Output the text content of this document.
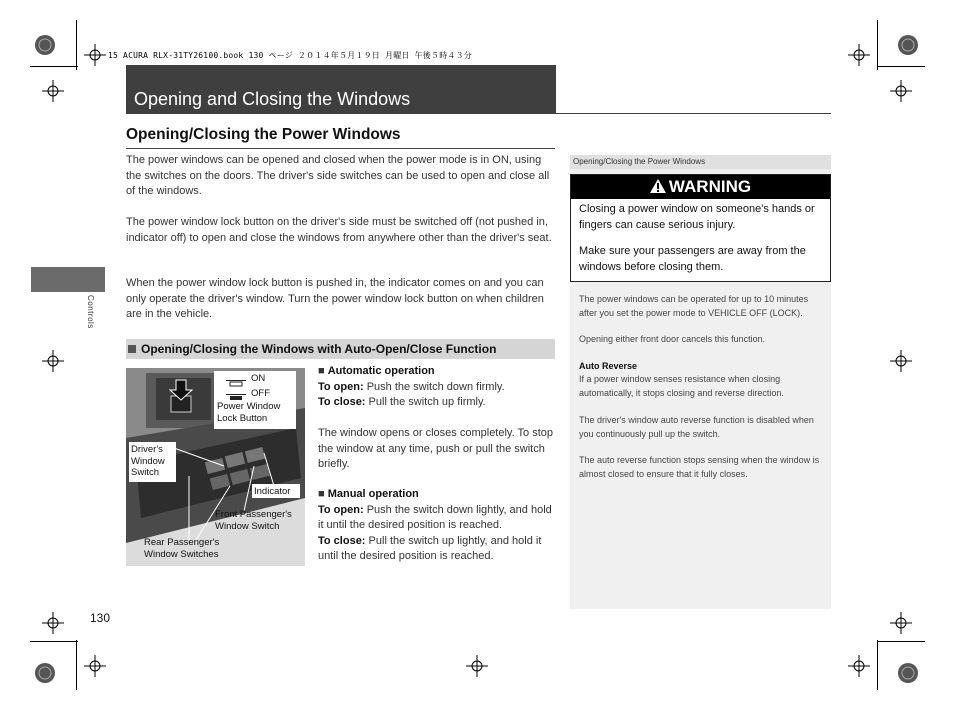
15 ACURA RLX-31TY26100.book 130 ページ ２０１４年５月１９日 月曜日 午後５時４３分
Opening and Closing the Windows
Controls
Opening/Closing the Power Windows

The power windows can be opened and closed when the power mode is in ON, using the switches on the doors. The driver's side switches can be used to open and close all of the windows.

The power window lock button on the driver's side must be switched off (not pushed in, indicator off) to open and close the windows from anywhere other than the driver's seat.

When the power window lock button is pushed in, the indicator comes on and you can only operate the driver's window. Turn the power window lock button on when children are in the vehicle.

Opening/Closing the Windows with Auto-Open/Close Function
ON
OFF
Power Window Lock Button
Driver's Window Switch
Indicator
Front Passenger's Window Switch
Rear Passenger's Window Switches
■ Automatic operation
To open: Push the switch down firmly.
To close: Pull the switch up firmly.
The window opens or closes completely. To stop the window at any time, push or pull the switch briefly.
■ Manual operation
To open: Push the switch down lightly, and hold it until the desired position is reached.
To close: Pull the switch up lightly, and hold it until the desired position is reached.
Opening/Closing the Power Windows
WARNING

Closing a power window on someone's hands or fingers can cause serious injury.

Make sure your passengers are away from the windows before closing them.

The power windows can be operated for up to 10 minutes after you set the power mode to VEHICLE OFF (LOCK).

Opening either front door cancels this function.

Auto Reverse

If a power window senses resistance when closing automatically, it stops closing and reverse direction.

The driver's window auto reverse function is disabled when you continuously pull up the switch.

The auto reverse function stops sensing when the window is almost closed to ensure that it fully closes.

130
